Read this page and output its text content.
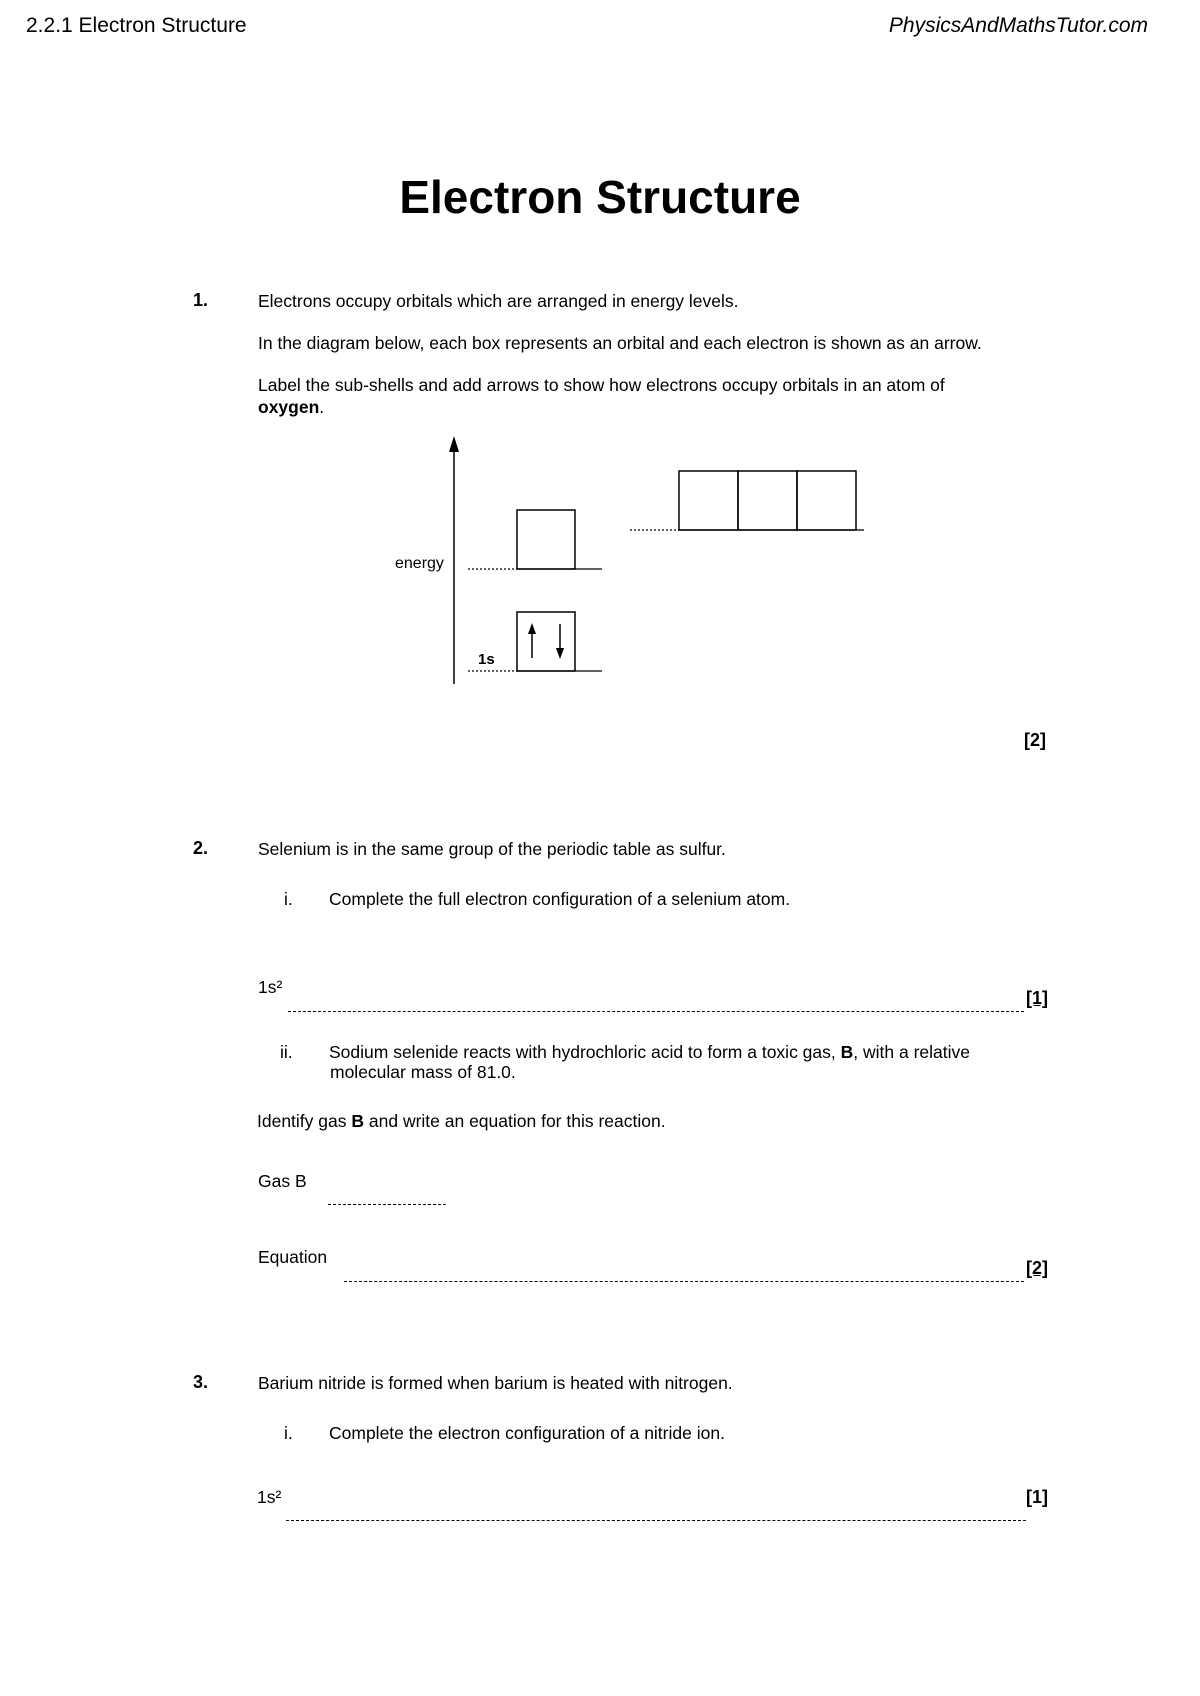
2.2.1 Electron Structure	PhysicsAndMathsTutor.com
Electron Structure
1.	Electrons occupy orbitals which are arranged in energy levels.
In the diagram below, each box represents an orbital and each electron is shown as an arrow.
Label the sub-shells and add arrows to show how electrons occupy orbitals in an atom of
oxygen.
energy
1s
[2]
2.	Selenium is in the same group of the periodic table as sulfur.
i. Complete the full electron configuration of a selenium atom.
1s²
[1]
ii. Sodium selenide reacts with hydrochloric acid to form a toxic gas, B, with a relative
molecular mass of 81.0.
Identify gas B and write an equation for this reaction.
Gas B
Equation
[2]
3.	Barium nitride is formed when barium is heated with nitrogen.
i. Complete the electron configuration of a nitride ion.
1s²	[1]
